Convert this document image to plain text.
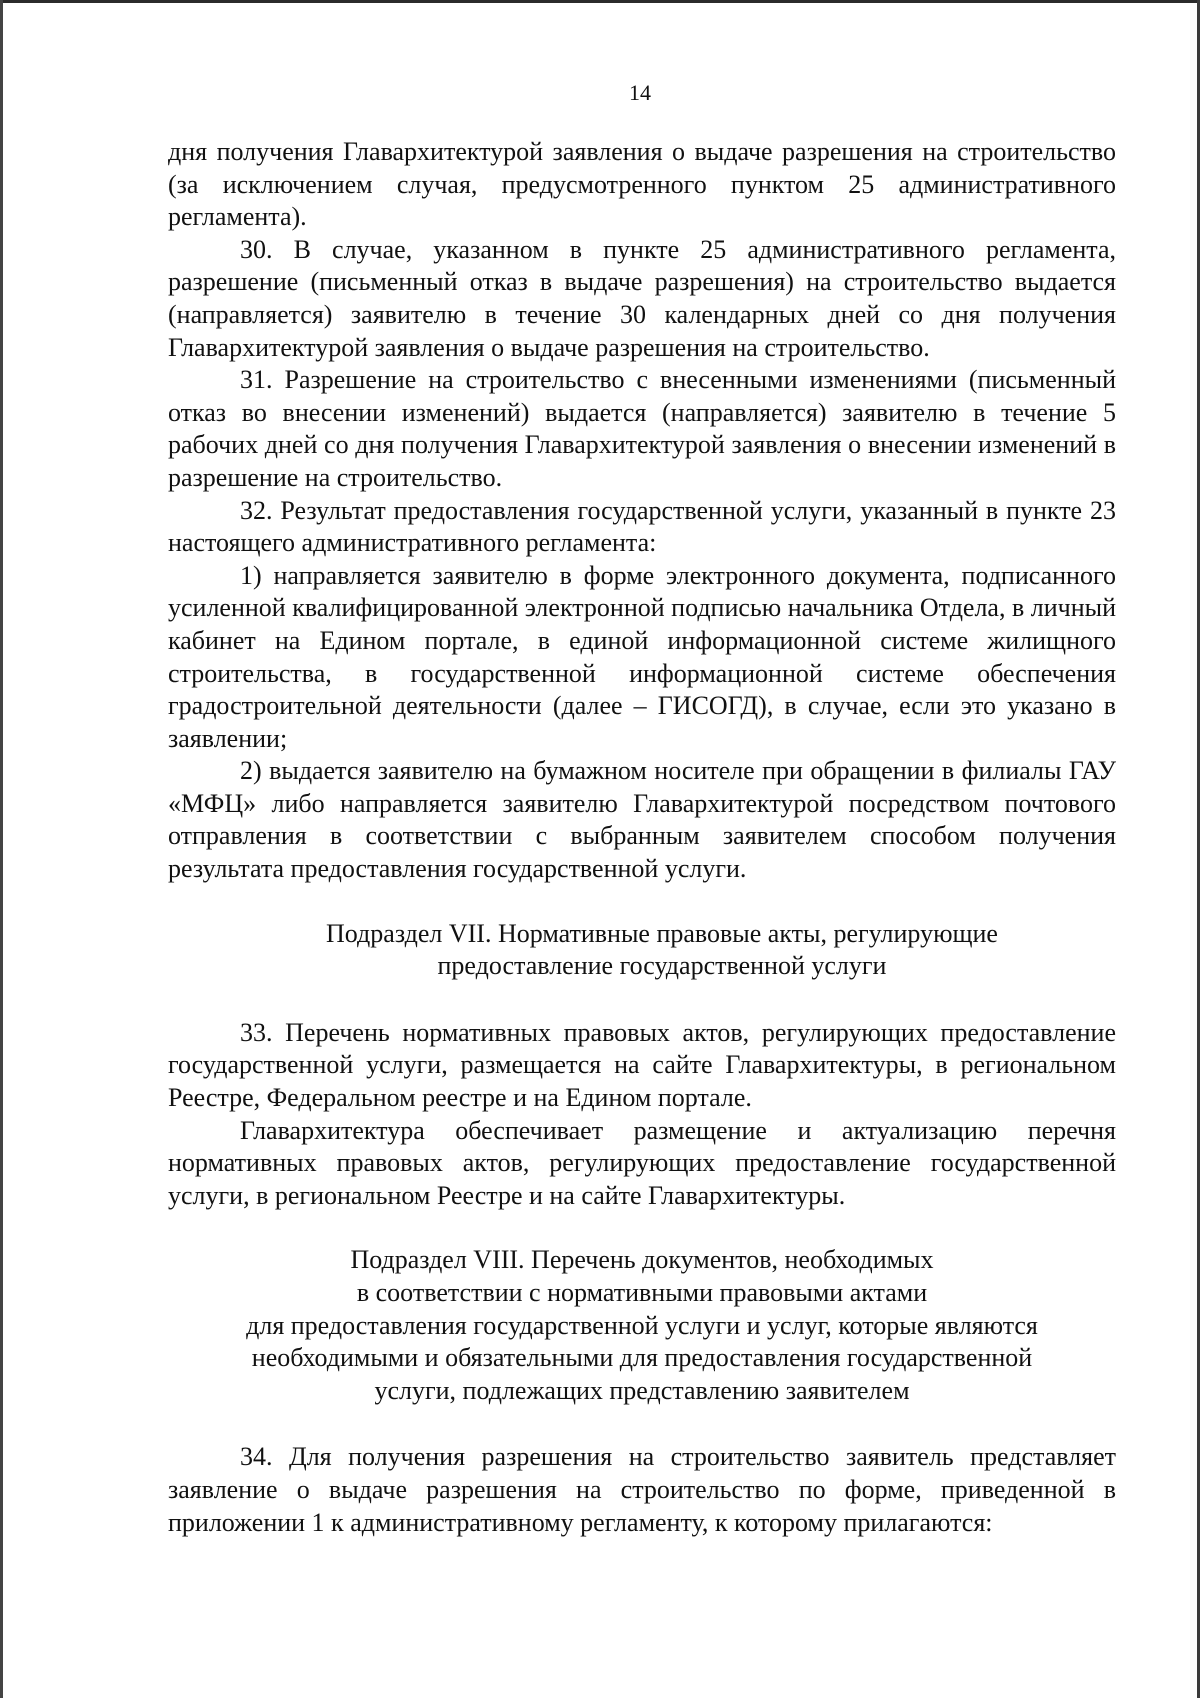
14

дня получения Главархитектурой заявления о выдаче разрешения на строительство (за исключением случая, предусмотренного пунктом 25 административного регламента).

30. В случае, указанном в пункте 25 административного регламента, разрешение (письменный отказ в выдаче разрешения) на строительство выдается (направляется) заявителю в течение 30 календарных дней со дня получения Главархитектурой заявления о выдаче разрешения на строительство.

31. Разрешение на строительство с внесенными изменениями (письменный отказ во внесении изменений) выдается (направляется) заявителю в течение 5 рабочих дней со дня получения Главархитектурой заявления о внесении изменений в разрешение на строительство.

32. Результат предоставления государственной услуги, указанный в пункте 23 настоящего административного регламента:

1) направляется заявителю в форме электронного документа, подписанного усиленной квалифицированной электронной подписью начальника Отдела, в личный кабинет на Едином портале, в единой информационной системе жилищного строительства, в государственной информационной системе обеспечения градостроительной деятельности (далее – ГИСОГД), в случае, если это указано в заявлении;

2) выдается заявителю на бумажном носителе при обращении в филиалы ГАУ «МФЦ» либо направляется заявителю Главархитектурой посредством почтового отправления в соответствии с выбранным заявителем способом получения результата предоставления государственной услуги.

Подраздел VII. Нормативные правовые акты, регулирующие
предоставление государственной услуги

33. Перечень нормативных правовых актов, регулирующих предоставление государственной услуги, размещается на сайте Главархитектуры, в региональном Реестре, Федеральном реестре и на Едином портале.

Главархитектура обеспечивает размещение и актуализацию перечня нормативных правовых актов, регулирующих предоставление государственной услуги, в региональном Реестре и на сайте Главархитектуры.

Подраздел VIII. Перечень документов, необходимых
в соответствии с нормативными правовыми актами
для предоставления государственной услуги и услуг, которые являются
необходимыми и обязательными для предоставления государственной
услуги, подлежащих представлению заявителем

34. Для получения разрешения на строительство заявитель представляет заявление о выдаче разрешения на строительство по форме, приведенной в приложении 1 к административному регламенту, к которому прилагаются:
